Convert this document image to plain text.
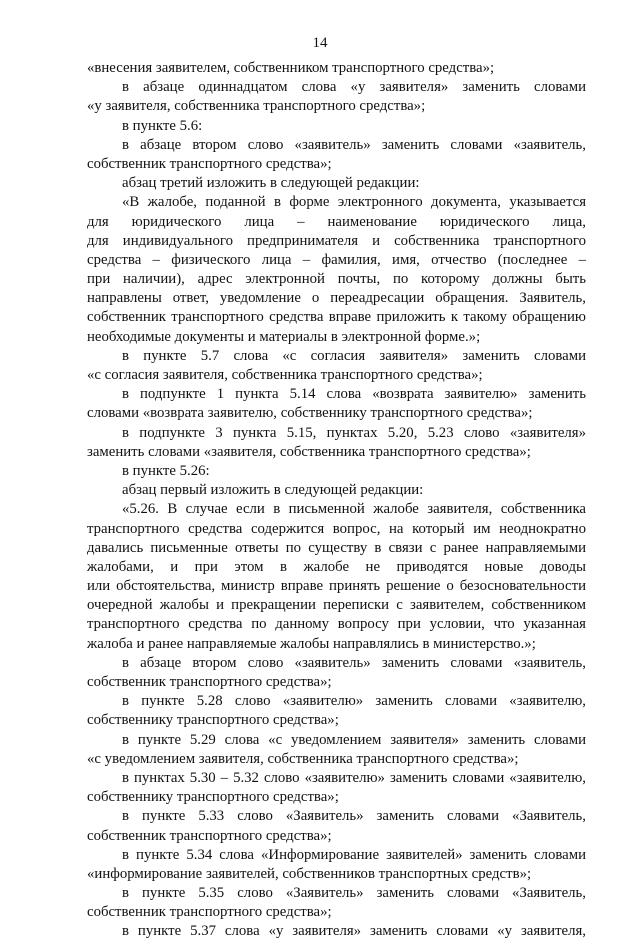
14
«внесения заявителем, собственником транспортного средства»;
в абзаце одиннадцатом слова «у заявителя» заменить словами
«у заявителя, собственника транспортного средства»;
в пункте 5.6:
в абзаце втором слово «заявитель» заменить словами «заявитель,
собственник транспортного средства»;
абзац третий изложить в следующей редакции:
«В жалобе, поданной в форме электронного документа, указывается
для юридического лица – наименование юридического лица,
для индивидуального предпринимателя и собственника транспортного
средства – физического лица – фамилия, имя, отчество (последнее –
при наличии), адрес электронной почты, по которому должны быть
направлены ответ, уведомление о переадресации обращения. Заявитель,
собственник транспортного средства вправе приложить к такому обращению
необходимые документы и материалы в электронной форме.»;
в пункте 5.7 слова «с согласия заявителя» заменить словами
«с согласия заявителя, собственника транспортного средства»;
в подпункте 1 пункта 5.14 слова «возврата заявителю» заменить
словами «возврата заявителю, собственнику транспортного средства»;
в подпункте 3 пункта 5.15, пунктах 5.20, 5.23 слово «заявителя»
заменить словами «заявителя, собственника транспортного средства»;
в пункте 5.26:
абзац первый изложить в следующей редакции:
«5.26. В случае если в письменной жалобе заявителя, собственника
транспортного средства содержится вопрос, на который им неоднократно
давались письменные ответы по существу в связи с ранее направляемыми
жалобами, и при этом в жалобе не приводятся новые доводы
или обстоятельства, министр вправе принять решение о безосновательности
очередной жалобы и прекращении переписки с заявителем, собственником
транспортного средства по данному вопросу при условии, что указанная
жалоба и ранее направляемые жалобы направлялись в министерство.»;
в абзаце втором слово «заявитель» заменить словами «заявитель,
собственник транспортного средства»;
в пункте 5.28 слово «заявителю» заменить словами «заявителю,
собственнику транспортного средства»;
в пункте 5.29 слова «с уведомлением заявителя» заменить словами
«с уведомлением заявителя, собственника транспортного средства»;
в пунктах 5.30 – 5.32 слово «заявителю» заменить словами «заявителю,
собственнику транспортного средства»;
в пункте 5.33 слово «Заявитель» заменить словами «Заявитель,
собственник транспортного средства»;
в пункте 5.34 слова «Информирование заявителей» заменить словами
«информирование заявителей, собственников транспортных средств»;
в пункте 5.35 слово «Заявитель» заменить словами «Заявитель,
собственник транспортного средства»;
в пункте 5.37 слова «у заявителя» заменить словами «у заявителя,
